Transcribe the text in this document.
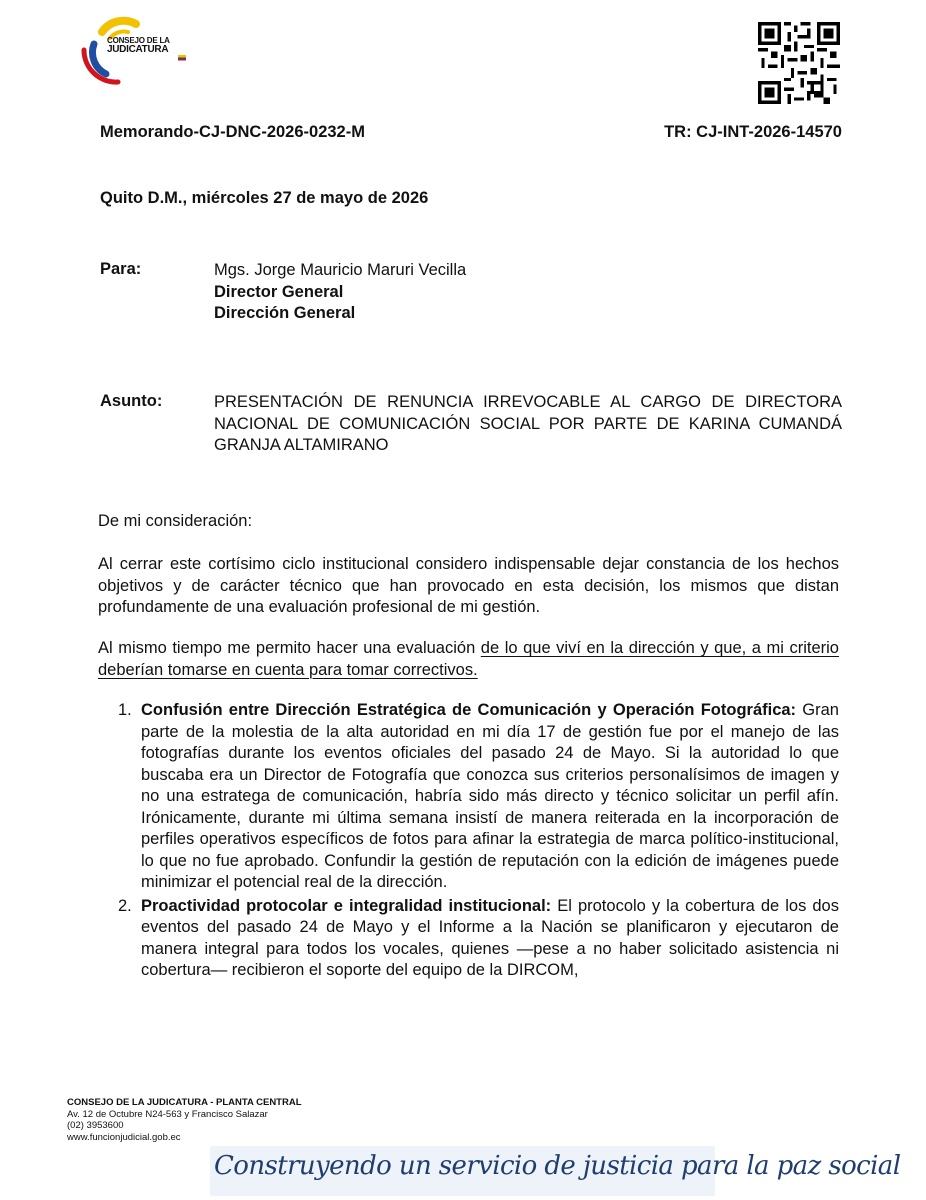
CONSEJO DE LA
JUDICATURA
Memorando-CJ-DNC-2026-0232-M	TR: CJ-INT-2026-14570
Quito D.M., miércoles 27 de mayo de 2026
Para:	Mgs. Jorge Mauricio Maruri Vecilla
Director General
Dirección General
Asunto:	PRESENTACIÓN DE RENUNCIA IRREVOCABLE AL CARGO DE DIRECTORA NACIONAL DE COMUNICACIÓN SOCIAL POR PARTE DE KARINA CUMANDÁ GRANJA ALTAMIRANO
De mi consideración:
Al cerrar este cortísimo ciclo institucional considero indispensable dejar constancia de los hechos objetivos y de carácter técnico que han provocado en esta decisión, los mismos que distan profundamente de una evaluación profesional de mi gestión.
Al mismo tiempo me permito hacer una evaluación de lo que viví en la dirección y que, a mi criterio deberían tomarse en cuenta para tomar correctivos.
1. Confusión entre Dirección Estratégica de Comunicación y Operación Fotográfica: Gran parte de la molestia de la alta autoridad en mi día 17 de gestión fue por el manejo de las fotografías durante los eventos oficiales del pasado 24 de Mayo. Si la autoridad lo que buscaba era un Director de Fotografía que conozca sus criterios personalísimos de imagen y no una estratega de comunicación, habría sido más directo y técnico solicitar un perfil afín. Irónicamente, durante mi última semana insistí de manera reiterada en la incorporación de perfiles operativos específicos de fotos para afinar la estrategia de marca político-institucional, lo que no fue aprobado. Confundir la gestión de reputación con la edición de imágenes puede minimizar el potencial real de la dirección.
2. Proactividad protocolar e integralidad institucional: El protocolo y la cobertura de los dos eventos del pasado 24 de Mayo y el Informe a la Nación se planificaron y ejecutaron de manera integral para todos los vocales, quienes —pese a no haber solicitado asistencia ni cobertura— recibieron el soporte del equipo de la DIRCOM,
CONSEJO DE LA JUDICATURA - PLANTA CENTRAL
Av. 12 de Octubre N24-563 y Francisco Salazar
(02) 3953600
www.funcionjudicial.gob.ec
Construyendo un servicio de justicia para la paz social
